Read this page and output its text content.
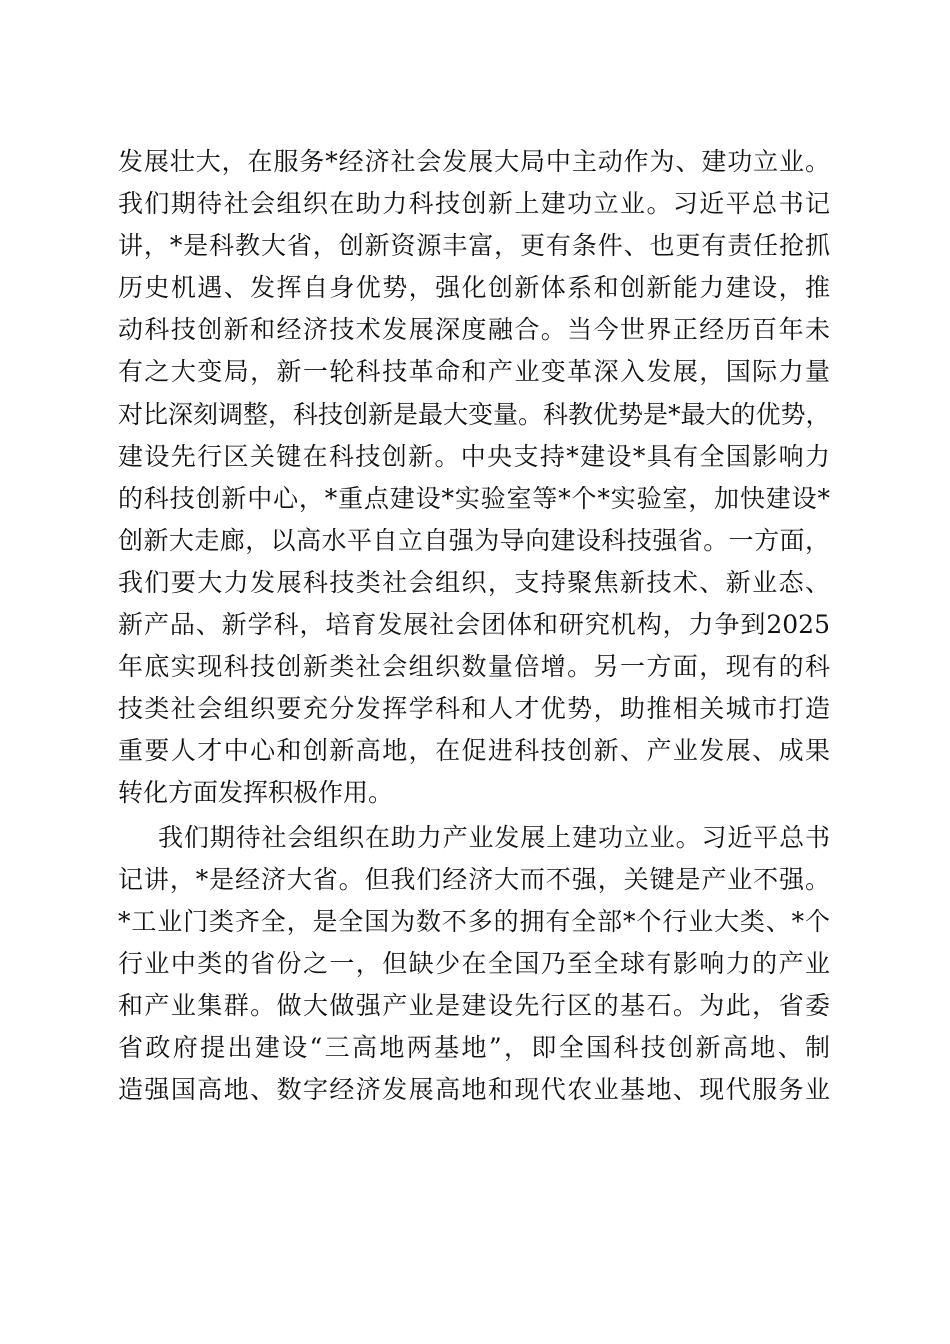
发展壮大，在服务*经济社会发展大局中主动作为、建功立业。
我们期待社会组织在助力科技创新上建功立业。习近平总书记
讲，*是科教大省，创新资源丰富，更有条件、也更有责任抢抓
历史机遇、发挥自身优势，强化创新体系和创新能力建设，推
动科技创新和经济技术发展深度融合。当今世界正经历百年未
有之大变局，新一轮科技革命和产业变革深入发展，国际力量
对比深刻调整，科技创新是最大变量。科教优势是*最大的优势，
建设先行区关键在科技创新。中央支持*建设*具有全国影响力
的科技创新中心，*重点建设*实验室等*个*实验室，加快建设*
创新大走廊，以高水平自立自强为导向建设科技强省。一方面，
我们要大力发展科技类社会组织，支持聚焦新技术、新业态、
新产品、新学科，培育发展社会团体和研究机构，力争到2025
年底实现科技创新类社会组织数量倍增。另一方面，现有的科
技类社会组织要充分发挥学科和人才优势，助推相关城市打造
重要人才中心和创新高地，在促进科技创新、产业发展、成果
转化方面发挥积极作用。
我们期待社会组织在助力产业发展上建功立业。习近平总书
记讲，*是经济大省。但我们经济大而不强，关键是产业不强。
*工业门类齐全，是全国为数不多的拥有全部*个行业大类、*个
行业中类的省份之一，但缺少在全国乃至全球有影响力的产业
和产业集群。做大做强产业是建设先行区的基石。为此，省委
省政府提出建设“三高地两基地”，即全国科技创新高地、制
造强国高地、数字经济发展高地和现代农业基地、现代服务业
